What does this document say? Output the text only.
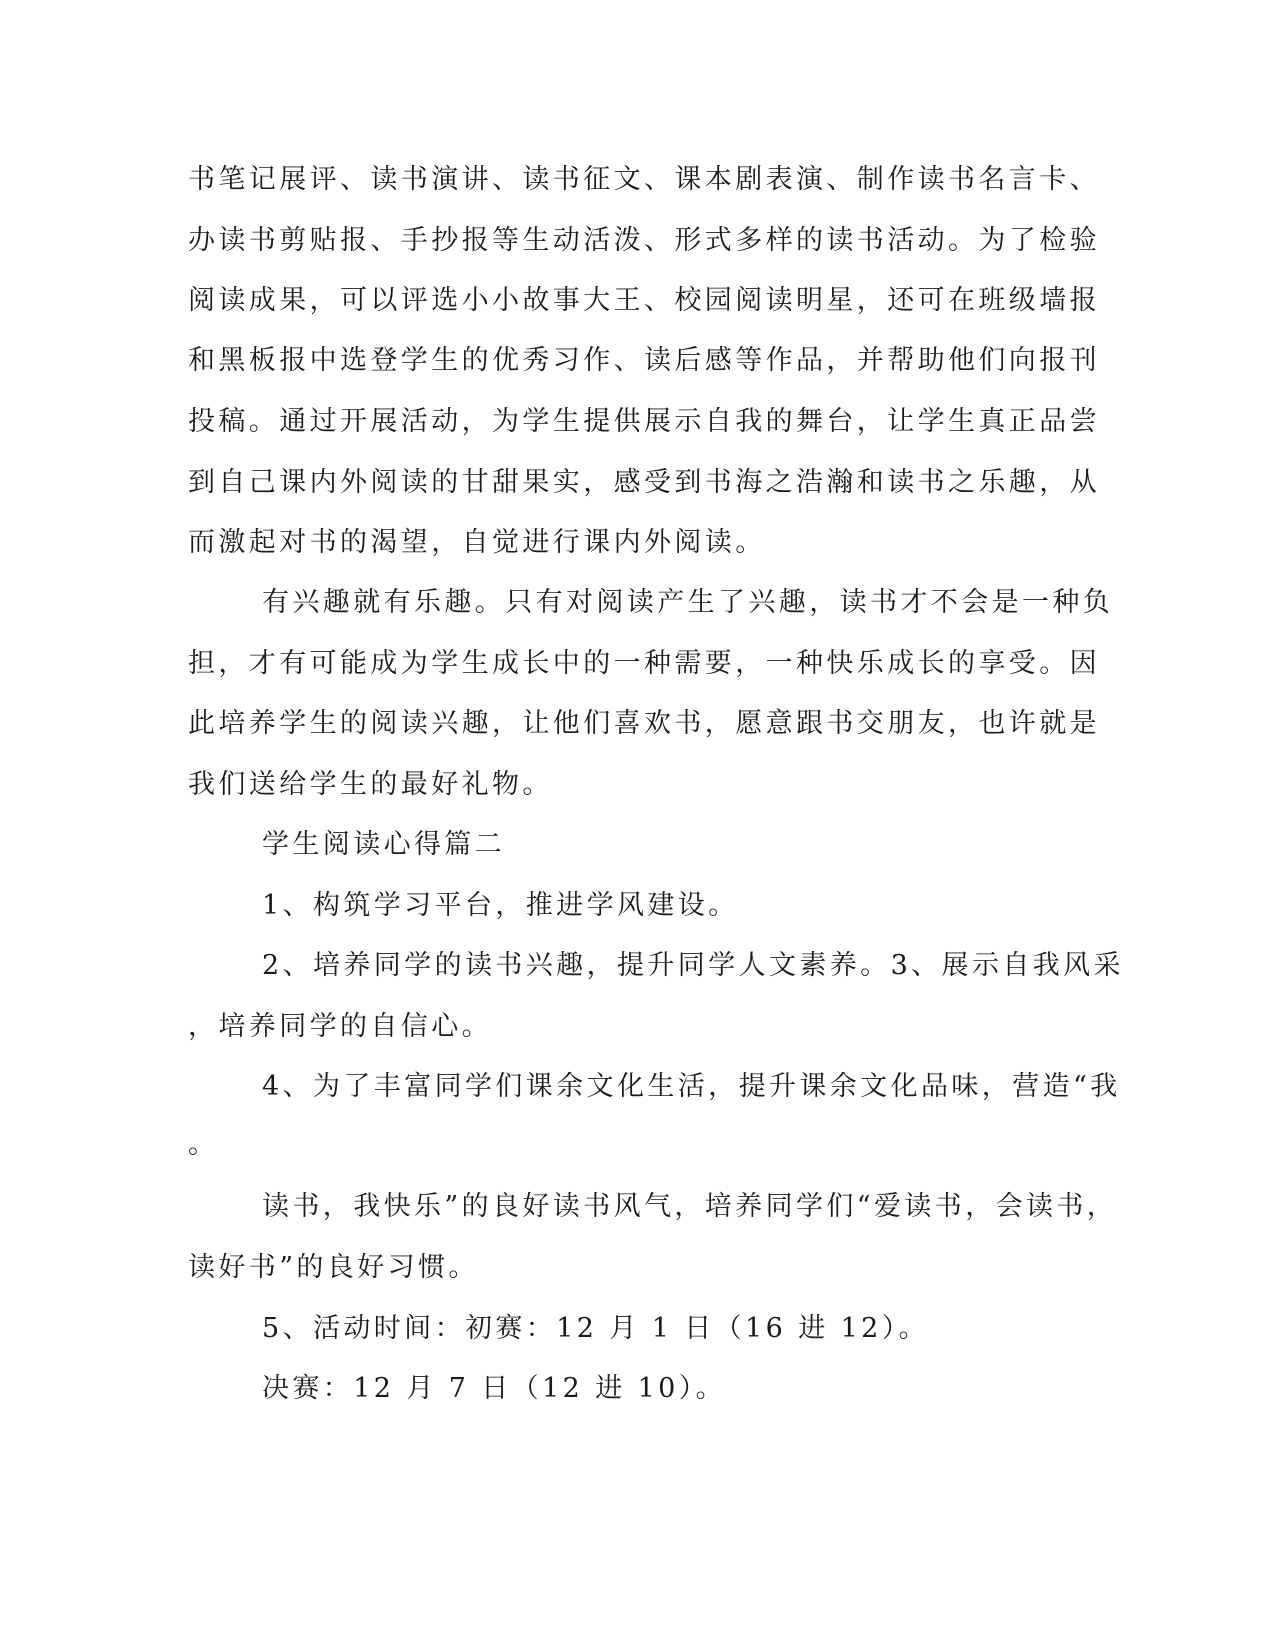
书笔记展评、读书演讲、读书征文、课本剧表演、制作读书名言卡、
办读书剪贴报、手抄报等生动活泼、形式多样的读书活动。为了检验
阅读成果，可以评选小小故事大王、校园阅读明星，还可在班级墙报
和黑板报中选登学生的优秀习作、读后感等作品，并帮助他们向报刊
投稿。通过开展活动，为学生提供展示自我的舞台，让学生真正品尝
到自己课内外阅读的甘甜果实，感受到书海之浩瀚和读书之乐趣，从
而激起对书的渴望，自觉进行课内外阅读。
有兴趣就有乐趣。只有对阅读产生了兴趣，读书才不会是一种负
担，才有可能成为学生成长中的一种需要，一种快乐成长的享受。因
此培养学生的阅读兴趣，让他们喜欢书，愿意跟书交朋友，也许就是
我们送给学生的最好礼物。
学生阅读心得篇二
1、构筑学习平台，推进学风建设。
2、培养同学的读书兴趣，提升同学人文素养。3、展示自我风采
，培养同学的自信心。
4、为了丰富同学们课余文化生活，提升课余文化品味，营造“我
。
读书，我快乐”的良好读书风气，培养同学们“爱读书，会读书，
读好书”的良好习惯。
5、活动时间：初赛：12 月 1 日（16 进 12）。
决赛：12 月 7 日（12 进 10）。
